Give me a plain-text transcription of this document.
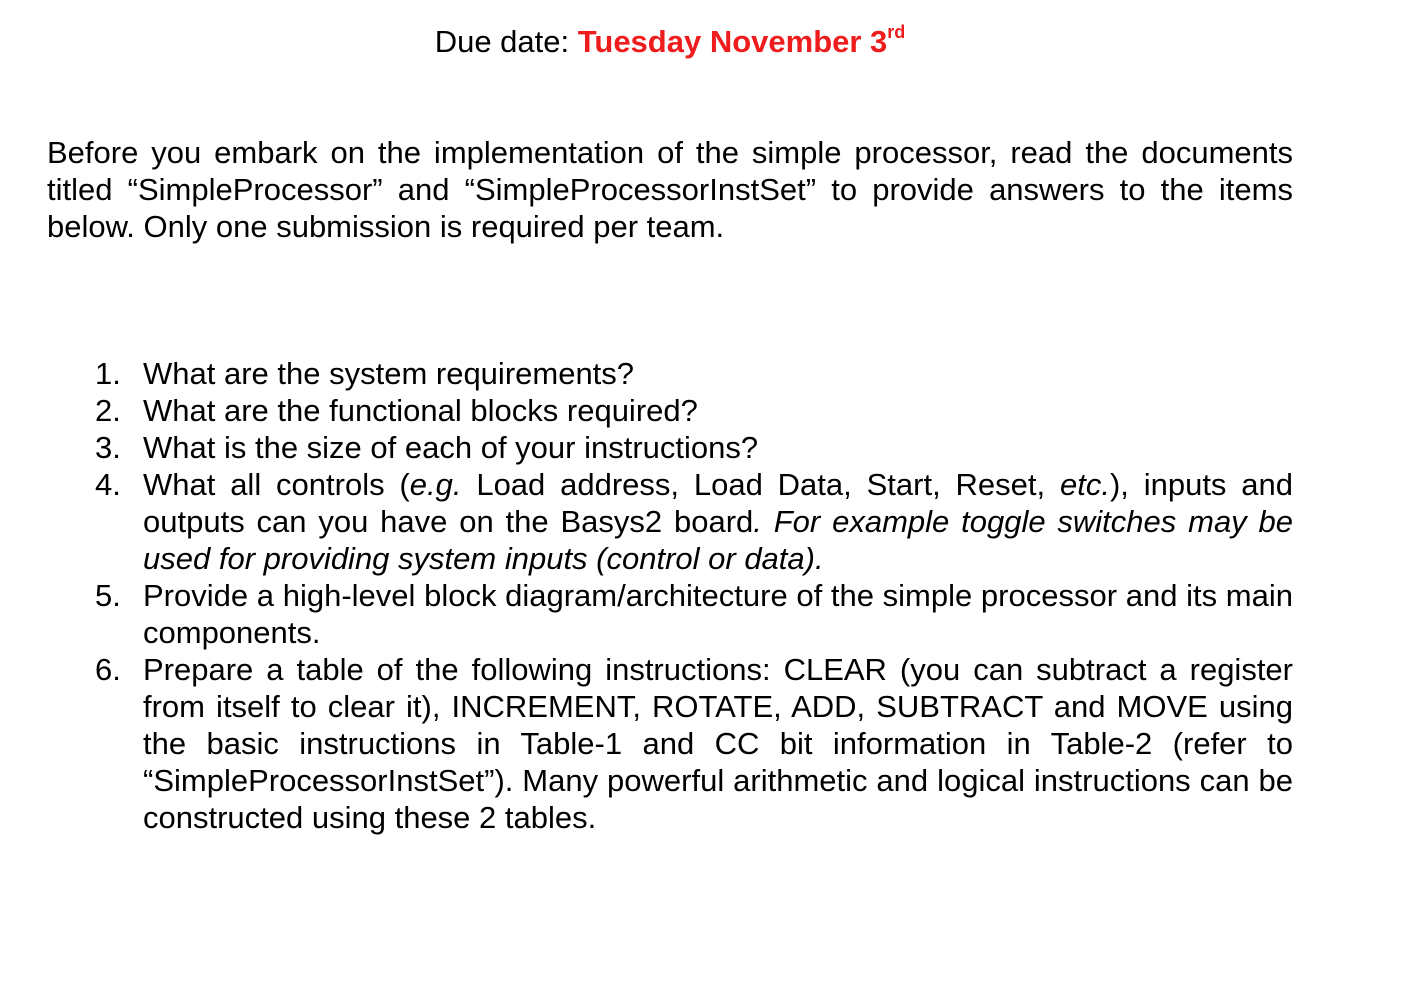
Due date: Tuesday November 3rd

Before you embark on the implementation of the simple processor, read the documents titled “SimpleProcessor” and “SimpleProcessorInstSet” to provide answers to the items below. Only one submission is required per team.

1. What are the system requirements?
2. What are the functional blocks required?
3. What is the size of each of your instructions?
4. What all controls (e.g. Load address, Load Data, Start, Reset, etc.), inputs and outputs can you have on the Basys2 board. For example toggle switches may be used for providing system inputs (control or data).
5. Provide a high-level block diagram/architecture of the simple processor and its main components.
6. Prepare a table of the following instructions: CLEAR (you can subtract a register from itself to clear it), INCREMENT, ROTATE, ADD, SUBTRACT and MOVE using the basic instructions in Table-1 and CC bit information in Table-2 (refer to “SimpleProcessorInstSet”). Many powerful arithmetic and logical instructions can be constructed using these 2 tables.
